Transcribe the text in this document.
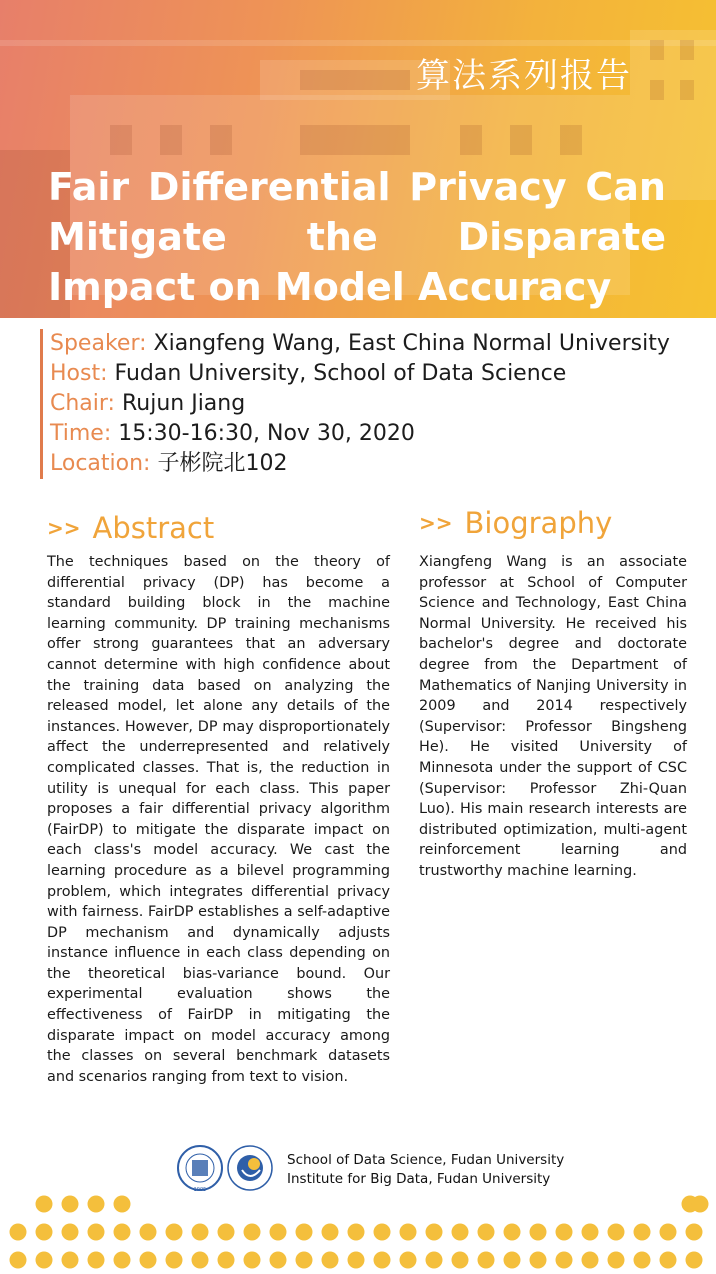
算法系列报告
Fair Differential Privacy Can Mitigate the Disparate Impact on Model Accuracy
Speaker: Xiangfeng Wang, East China Normal University
Host: Fudan University, School of Data Science
Chair: Rujun Jiang
Time: 15:30-16:30, Nov 30, 2020
Location: 子彬院北102
>> Abstract
The techniques based on the theory of differential privacy (DP) has become a standard building block in the machine learning community. DP training mechanisms offer strong guarantees that an adversary cannot determine with high confidence about the training data based on analyzing the released model, let alone any details of the instances. However, DP may disproportionately affect the underrepresented and relatively complicated classes. That is, the reduction in utility is unequal for each class. This paper proposes a fair differential privacy algorithm (FairDP) to mitigate the disparate impact on each class's model accuracy. We cast the learning procedure as a bilevel programming problem, which integrates differential privacy with fairness. FairDP establishes a self-adaptive DP mechanism and dynamically adjusts instance influence in each class depending on the theoretical bias-variance bound. Our experimental evaluation shows the effectiveness of FairDP in mitigating the disparate impact on model accuracy among the classes on several benchmark datasets and scenarios ranging from text to vision.
>> Biography
Xiangfeng Wang is an associate professor at School of Computer Science and Technology, East China Normal University. He received his bachelor's degree and doctorate degree from the Department of Mathematics of Nanjing University in 2009 and 2014 respectively (Supervisor: Professor Bingsheng He). He visited University of Minnesota under the support of CSC (Supervisor: Professor Zhi-Quan Luo). His main research interests are distributed optimization, multi-agent reinforcement learning and trustworthy machine learning.
1905
School of Data Science, Fudan University
Institute for Big Data, Fudan University
